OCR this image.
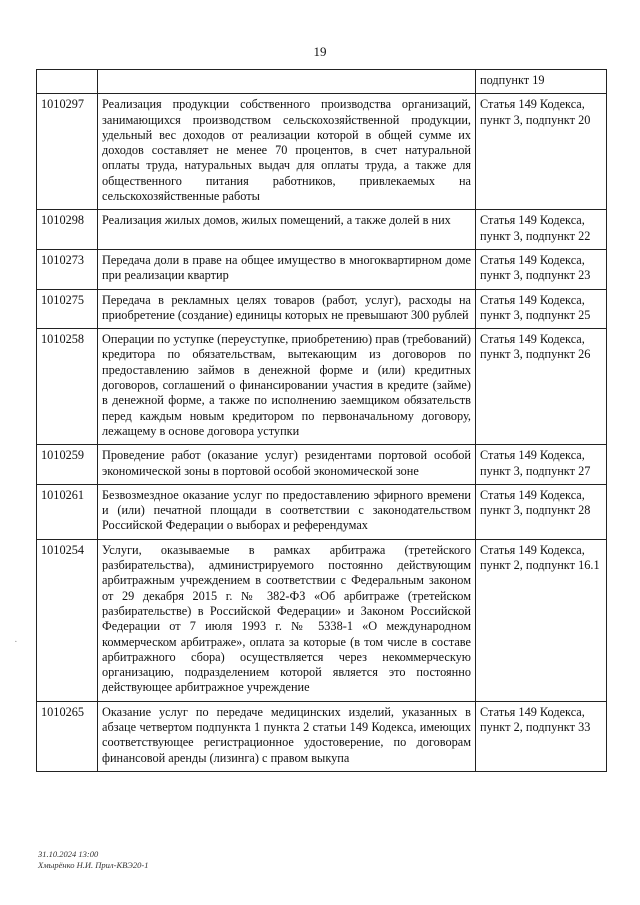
19
		подпункт 19
1010297	Реализация продукции собственного производства организаций, занимающихся производством сельскохозяйственной продукции, удельный вес доходов от реализации которой в общей сумме их доходов составляет не менее 70 процентов, в счет натуральной оплаты труда, натуральных выдач для оплаты труда, а также для общественного питания работников, привлекаемых на сельскохозяйственные работы	Статья 149 Кодекса, пункт 3, подпункт 20
1010298	Реализация жилых домов, жилых помещений, а также долей в них	Статья 149 Кодекса, пункт 3, подпункт 22
1010273	Передача доли в праве на общее имущество в многоквартирном доме при реализации квартир	Статья 149 Кодекса, пункт 3, подпункт 23
1010275	Передача в рекламных целях товаров (работ, услуг), расходы на приобретение (создание) единицы которых не превышают 300 рублей	Статья 149 Кодекса, пункт 3, подпункт 25
1010258	Операции по уступке (переуступке, приобретению) прав (требований) кредитора по обязательствам, вытекающим из договоров по предоставлению займов в денежной форме и (или) кредитных договоров, соглашений о финансировании участия в кредите (займе) в денежной форме, а также по исполнению заемщиком обязательств перед каждым новым кредитором по первоначальному договору, лежащему в основе договора уступки	Статья 149 Кодекса, пункт 3, подпункт 26
1010259	Проведение работ (оказание услуг) резидентами портовой особой экономической зоны в портовой особой экономической зоне	Статья 149 Кодекса, пункт 3, подпункт 27
1010261	Безвозмездное оказание услуг по предоставлению эфирного времени и (или) печатной площади в соответствии с законодательством Российской Федерации о выборах и референдумах	Статья 149 Кодекса, пункт 3, подпункт 28
1010254	Услуги, оказываемые в рамках арбитража (третейского разбирательства), администрируемого постоянно действующим арбитражным учреждением в соответствии с Федеральным законом от 29 декабря 2015 г. № 382-ФЗ «Об арбитраже (третейском разбирательстве) в Российской Федерации» и Законом Российской Федерации от 7 июля 1993 г. № 5338-1 «О международном коммерческом арбитраже», оплата за которые (в том числе в составе арбитражного сбора) осуществляется через некоммерческую организацию, подразделением которой является это постоянно действующее арбитражное учреждение	Статья 149 Кодекса, пункт 2, подпункт 16.1
1010265	Оказание услуг по передаче медицинских изделий, указанных в абзаце четвертом подпункта 1 пункта 2 статьи 149 Кодекса, имеющих соответствующее регистрационное удостоверение, по договорам финансовой аренды (лизинга) с правом выкупа	Статья 149 Кодекса, пункт 2, подпункт 33
·
31.10.2024 13:00
Хмырёнко Н.И. Прил-КВЭ20-1
